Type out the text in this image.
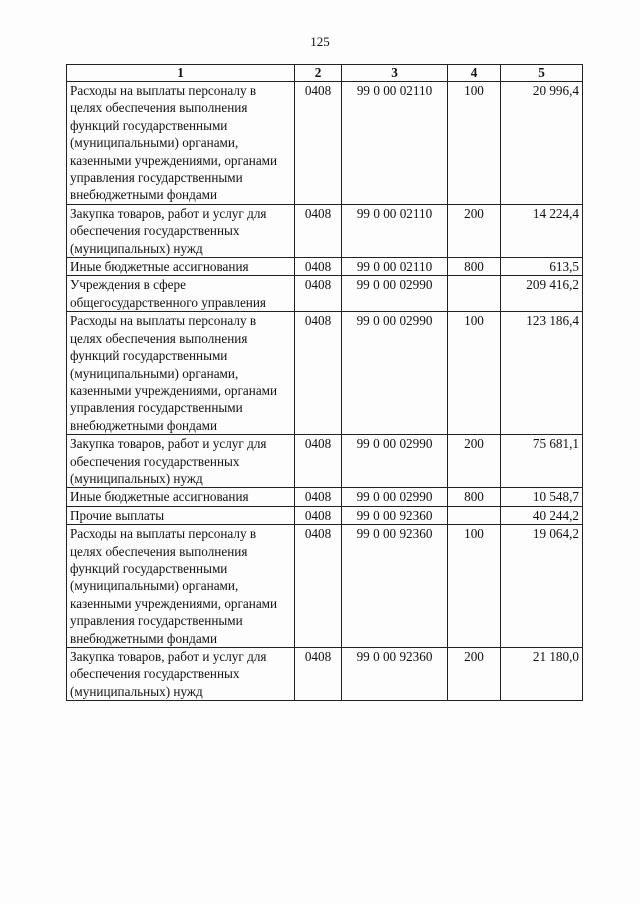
125
1	2	3	4	5
Расходы на выплаты персоналу в целях обеспечения выполнения функций государственными (муниципальными) органами, казенными учреждениями, органами управления государственными внебюджетными фондами	0408	99 0 00 02110	100	20 996,4
Закупка товаров, работ и услуг для обеспечения государственных (муниципальных) нужд	0408	99 0 00 02110	200	14 224,4
Иные бюджетные ассигнования	0408	99 0 00 02110	800	613,5
Учреждения в сфере общегосударственного управления	0408	99 0 00 02990		209 416,2
Расходы на выплаты персоналу в целях обеспечения выполнения функций государственными (муниципальными) органами, казенными учреждениями, органами управления государственными внебюджетными фондами	0408	99 0 00 02990	100	123 186,4
Закупка товаров, работ и услуг для обеспечения государственных (муниципальных) нужд	0408	99 0 00 02990	200	75 681,1
Иные бюджетные ассигнования	0408	99 0 00 02990	800	10 548,7
Прочие выплаты	0408	99 0 00 92360		40 244,2
Расходы на выплаты персоналу в целях обеспечения выполнения функций государственными (муниципальными) органами, казенными учреждениями, органами управления государственными внебюджетными фондами	0408	99 0 00 92360	100	19 064,2
Закупка товаров, работ и услуг для обеспечения государственных (муниципальных) нужд	0408	99 0 00 92360	200	21 180,0
